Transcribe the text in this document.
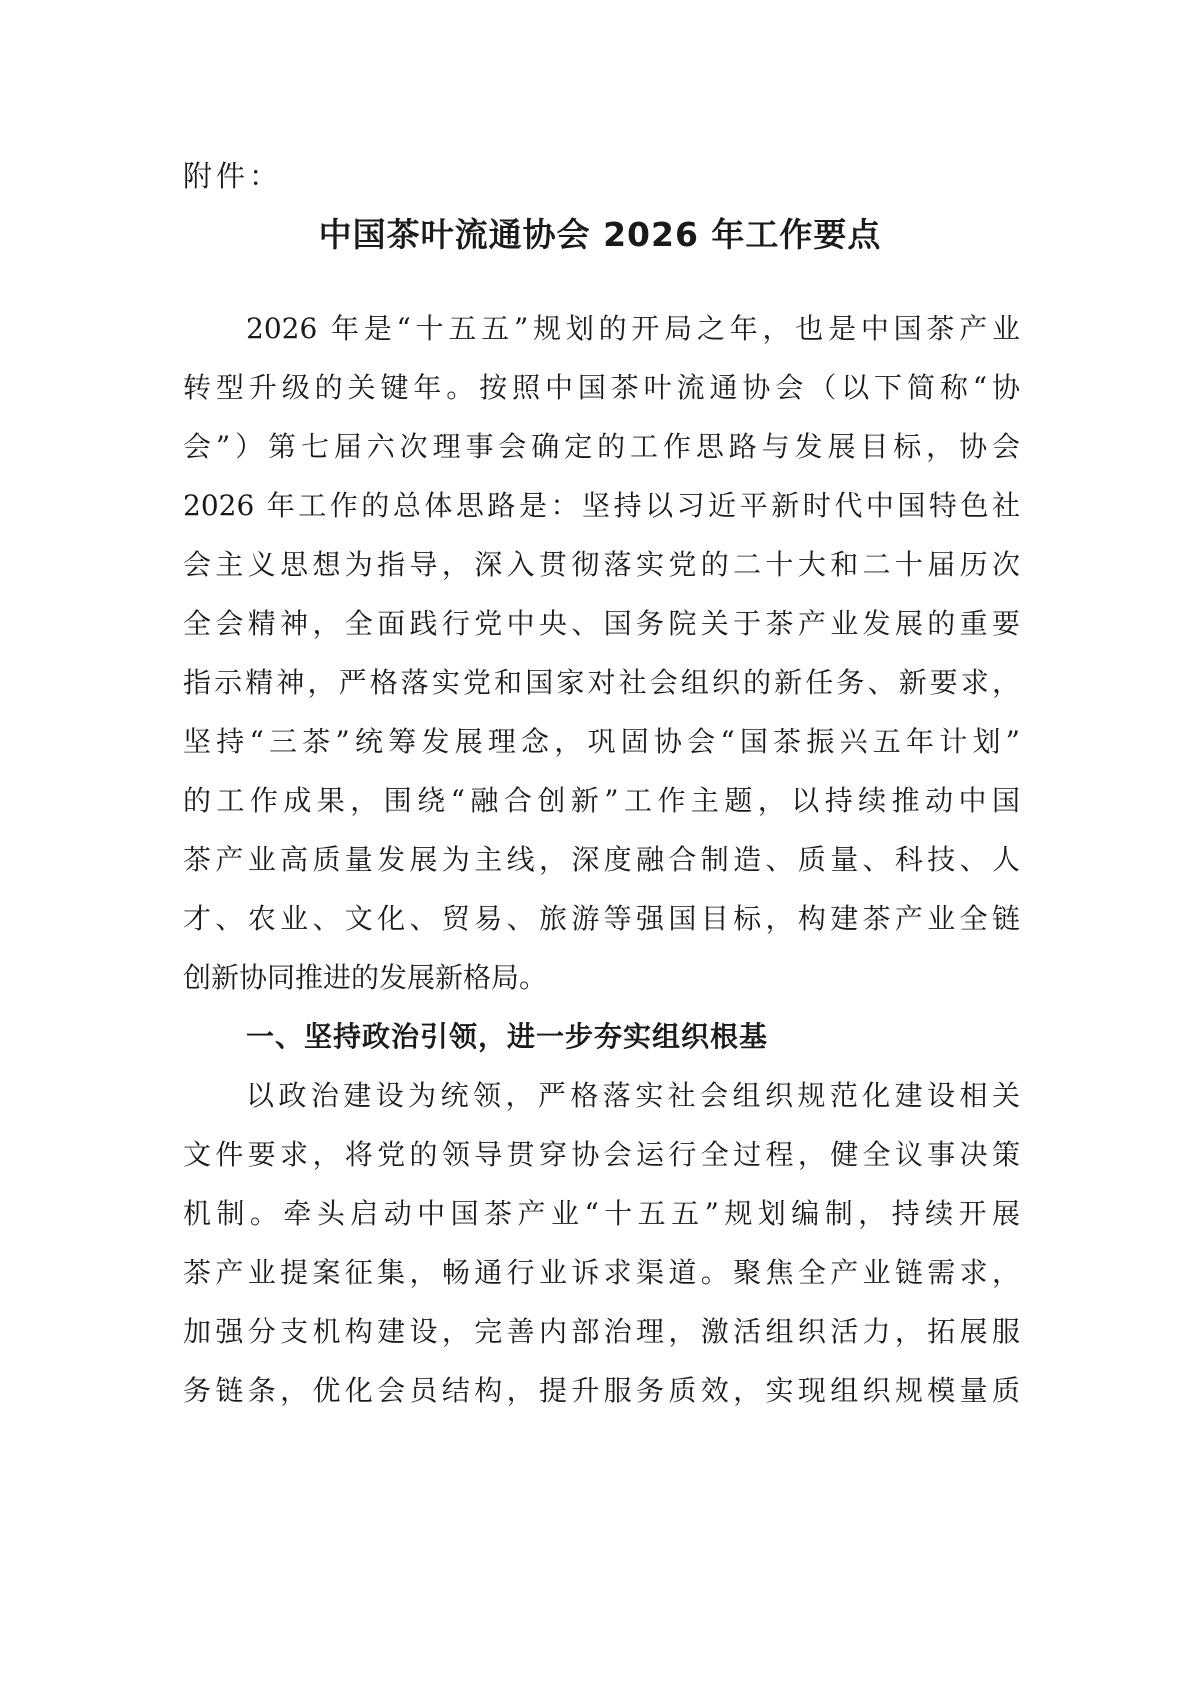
附件：
中国茶叶流通协会 2026 年工作要点
2026 年是“十五五”规划的开局之年，也是中国茶产业
转型升级的关键年。按照中国茶叶流通协会（以下简称“协
会”）第七届六次理事会确定的工作思路与发展目标，协会
2026 年工作的总体思路是：坚持以习近平新时代中国特色社
会主义思想为指导，深入贯彻落实党的二十大和二十届历次
全会精神，全面践行党中央、国务院关于茶产业发展的重要
指示精神，严格落实党和国家对社会组织的新任务、新要求，
坚持“三茶”统筹发展理念，巩固协会“国茶振兴五年计划”
的工作成果，围绕“融合创新”工作主题，以持续推动中国
茶产业高质量发展为主线，深度融合制造、质量、科技、人
才、农业、文化、贸易、旅游等强国目标，构建茶产业全链
创新协同推进的发展新格局。
一、坚持政治引领，进一步夯实组织根基
以政治建设为统领，严格落实社会组织规范化建设相关
文件要求，将党的领导贯穿协会运行全过程，健全议事决策
机制。牵头启动中国茶产业“十五五”规划编制，持续开展
茶产业提案征集，畅通行业诉求渠道。聚焦全产业链需求，
加强分支机构建设，完善内部治理，激活组织活力，拓展服
务链条，优化会员结构，提升服务质效，实现组织规模量质
